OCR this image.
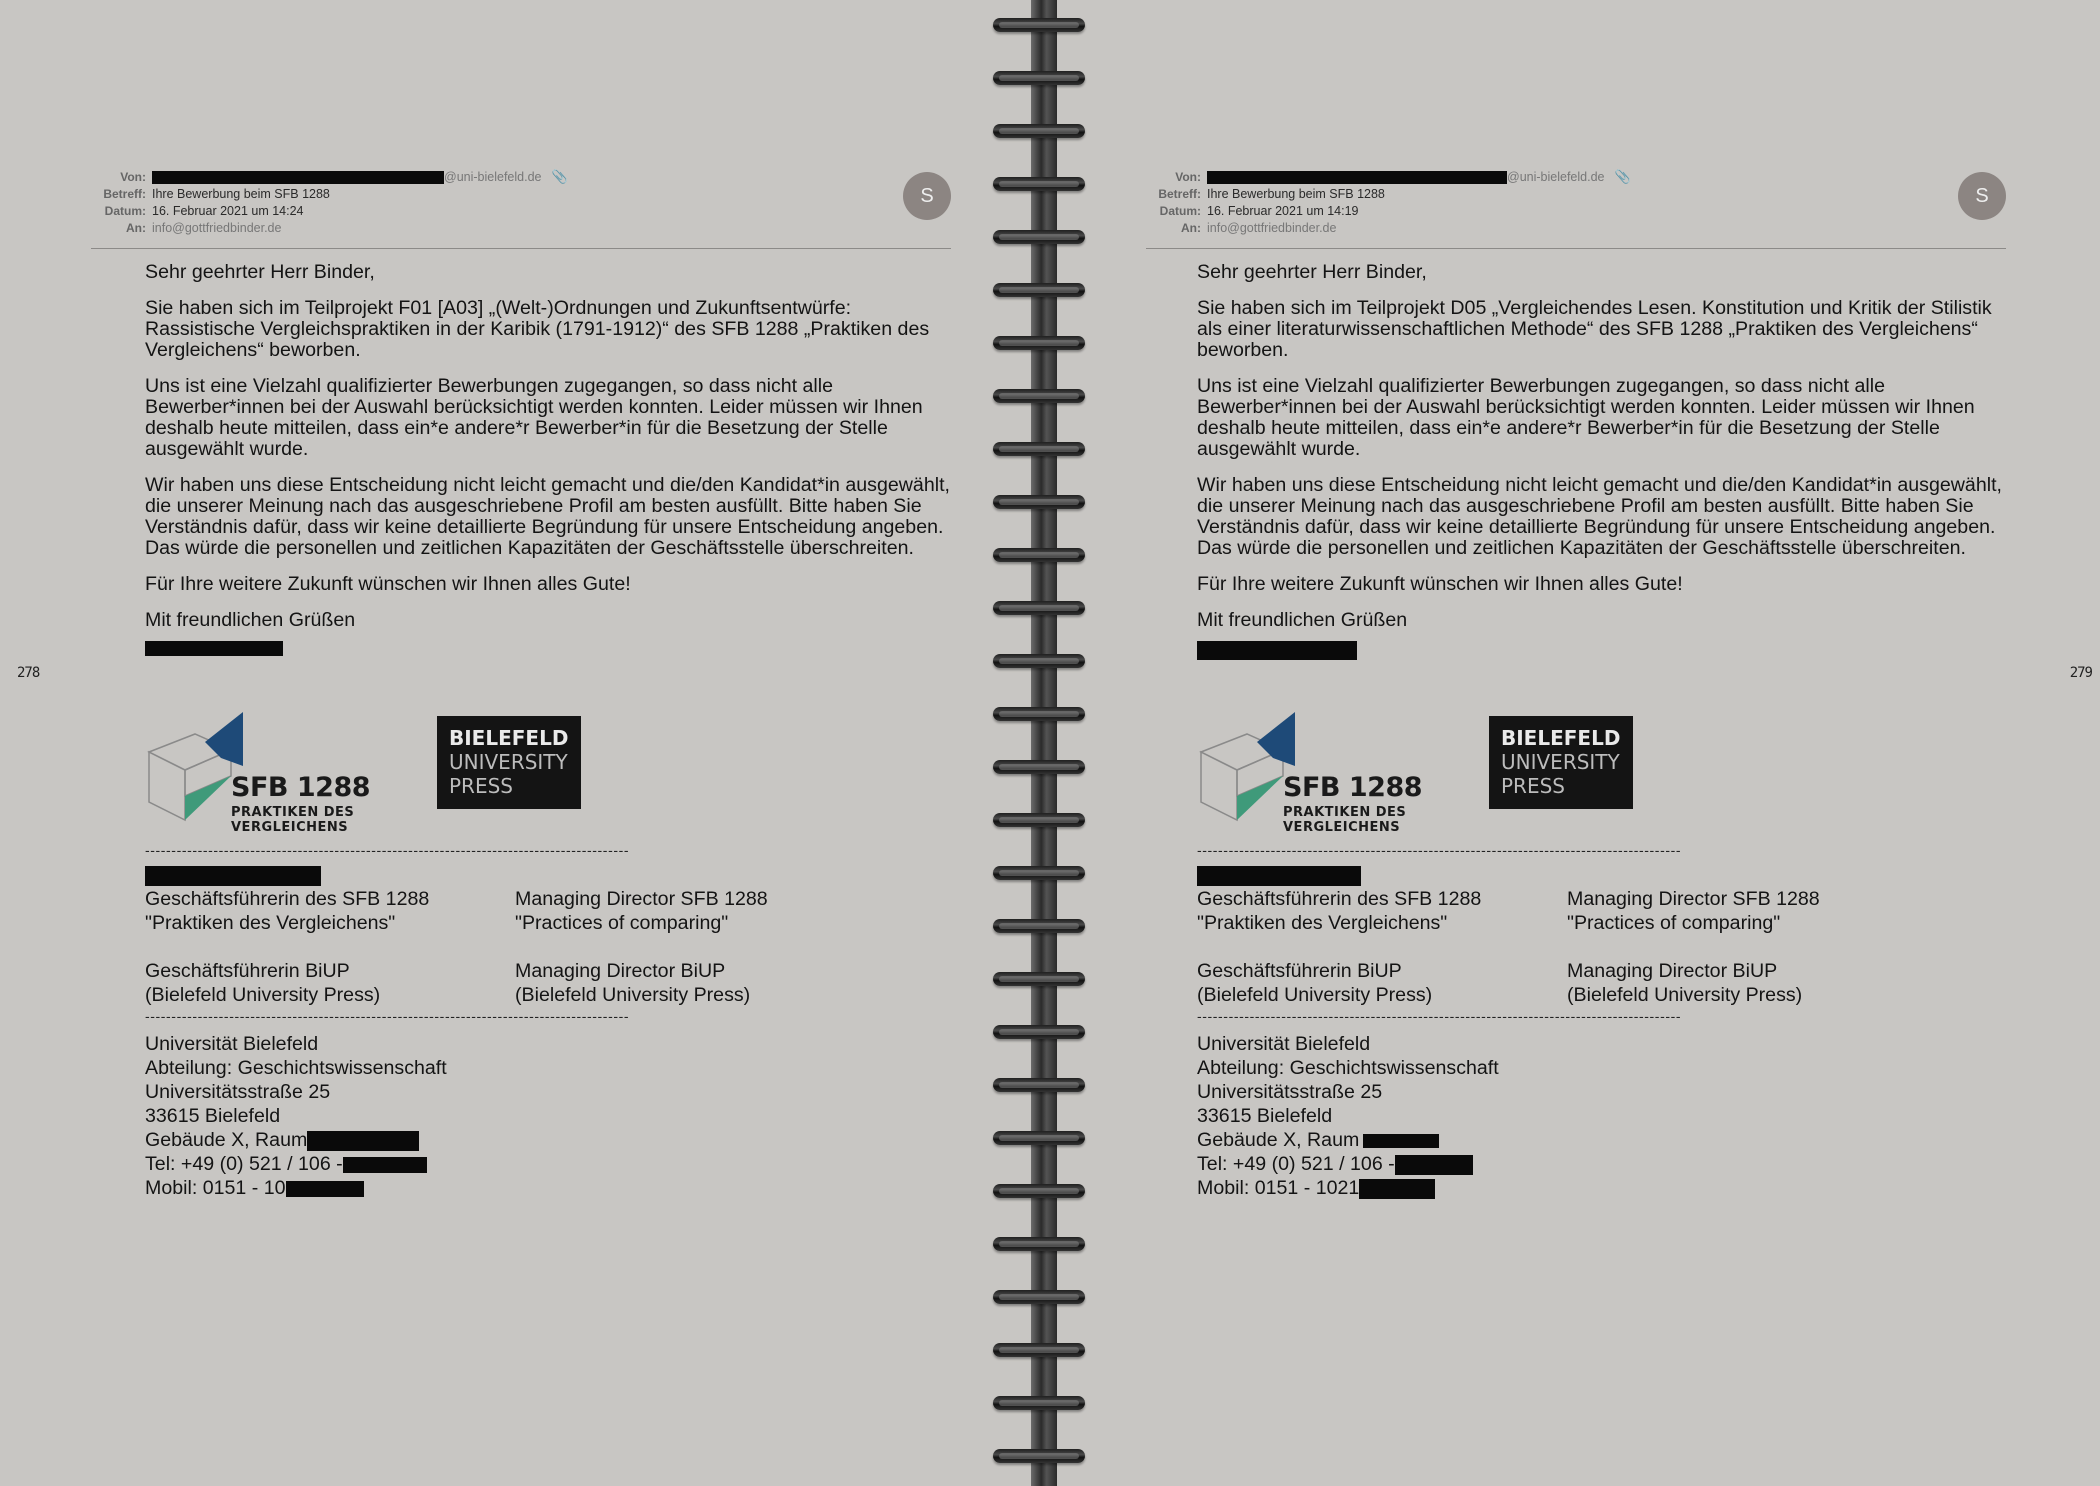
278
Von:	@uni-bielefeld.de 📎
Betreff: Ihre Bewerbung beim SFB 1288
Datum: 16. Februar 2021 um 14:24
An: info@gottfriedbinder.de
S

Sehr geehrter Herr Binder,

Sie haben sich im Teilprojekt F01 [A03] „(Welt-)Ordnungen und Zukunftsentwürfe: Rassistische Vergleichspraktiken in der Karibik (1791-1912)“ des SFB 1288 „Praktiken des Vergleichens“ beworben.

Uns ist eine Vielzahl qualifizierter Bewerbungen zugegangen, so dass nicht alle Bewerber*innen bei der Auswahl berücksichtigt werden konnten. Leider müssen wir Ihnen deshalb heute mitteilen, dass ein*e andere*r Bewerber*in für die Besetzung der Stelle ausgewählt wurde.

Wir haben uns diese Entscheidung nicht leicht gemacht und die/den Kandidat*in ausgewählt, die unserer Meinung nach das ausgeschriebene Profil am besten ausfüllt. Bitte haben Sie Verständnis dafür, dass wir keine detaillierte Begründung für unsere Entscheidung angeben. Das würde die personellen und zeitlichen Kapazitäten der Geschäftsstelle überschreiten.

Für Ihre weitere Zukunft wünschen wir Ihnen alles Gute!

Mit freundlichen Grüßen

SFB 1288
PRAKTIKEN DES
VERGLEICHENS
BIELEFELD
UNIVERSITY
PRESS
--------------------------------------------------------------------------------------------
Geschäftsführerin des SFB 1288	Managing Director SFB 1288
"Praktiken des Vergleichens"	"Practices of comparing"
Geschäftsführerin BiUP	Managing Director BiUP
(Bielefeld University Press)	(Bielefeld University Press)
--------------------------------------------------------------------------------------------
Universität Bielefeld
Abteilung: Geschichtswissenschaft
Universitätsstraße 25
33615 Bielefeld
Gebäude X, Raum
Tel: +49 (0) 521 / 106 -
Mobil: 0151 - 10
279
Von:	@uni-bielefeld.de 📎
Betreff: Ihre Bewerbung beim SFB 1288
Datum: 16. Februar 2021 um 14:19
An: info@gottfriedbinder.de
S

Sehr geehrter Herr Binder,

Sie haben sich im Teilprojekt D05 „Vergleichendes Lesen. Konstitution und Kritik der Stilistik als einer literaturwissenschaftlichen Methode“ des SFB 1288 „Praktiken des Vergleichens“ beworben.

Uns ist eine Vielzahl qualifizierter Bewerbungen zugegangen, so dass nicht alle Bewerber*innen bei der Auswahl berücksichtigt werden konnten. Leider müssen wir Ihnen deshalb heute mitteilen, dass ein*e andere*r Bewerber*in für die Besetzung der Stelle ausgewählt wurde.

Wir haben uns diese Entscheidung nicht leicht gemacht und die/den Kandidat*in ausgewählt, die unserer Meinung nach das ausgeschriebene Profil am besten ausfüllt. Bitte haben Sie Verständnis dafür, dass wir keine detaillierte Begründung für unsere Entscheidung angeben. Das würde die personellen und zeitlichen Kapazitäten der Geschäftsstelle überschreiten.

Für Ihre weitere Zukunft wünschen wir Ihnen alles Gute!

Mit freundlichen Grüßen

SFB 1288
PRAKTIKEN DES
VERGLEICHENS
BIELEFELD
UNIVERSITY
PRESS
--------------------------------------------------------------------------------------------
Geschäftsführerin des SFB 1288	Managing Director SFB 1288
"Praktiken des Vergleichens"	"Practices of comparing"
Geschäftsführerin BiUP	Managing Director BiUP
(Bielefeld University Press)	(Bielefeld University Press)
--------------------------------------------------------------------------------------------
Universität Bielefeld
Abteilung: Geschichtswissenschaft
Universitätsstraße 25
33615 Bielefeld
Gebäude X, Raum
Tel: +49 (0) 521 / 106 -
Mobil: 0151 - 1021
